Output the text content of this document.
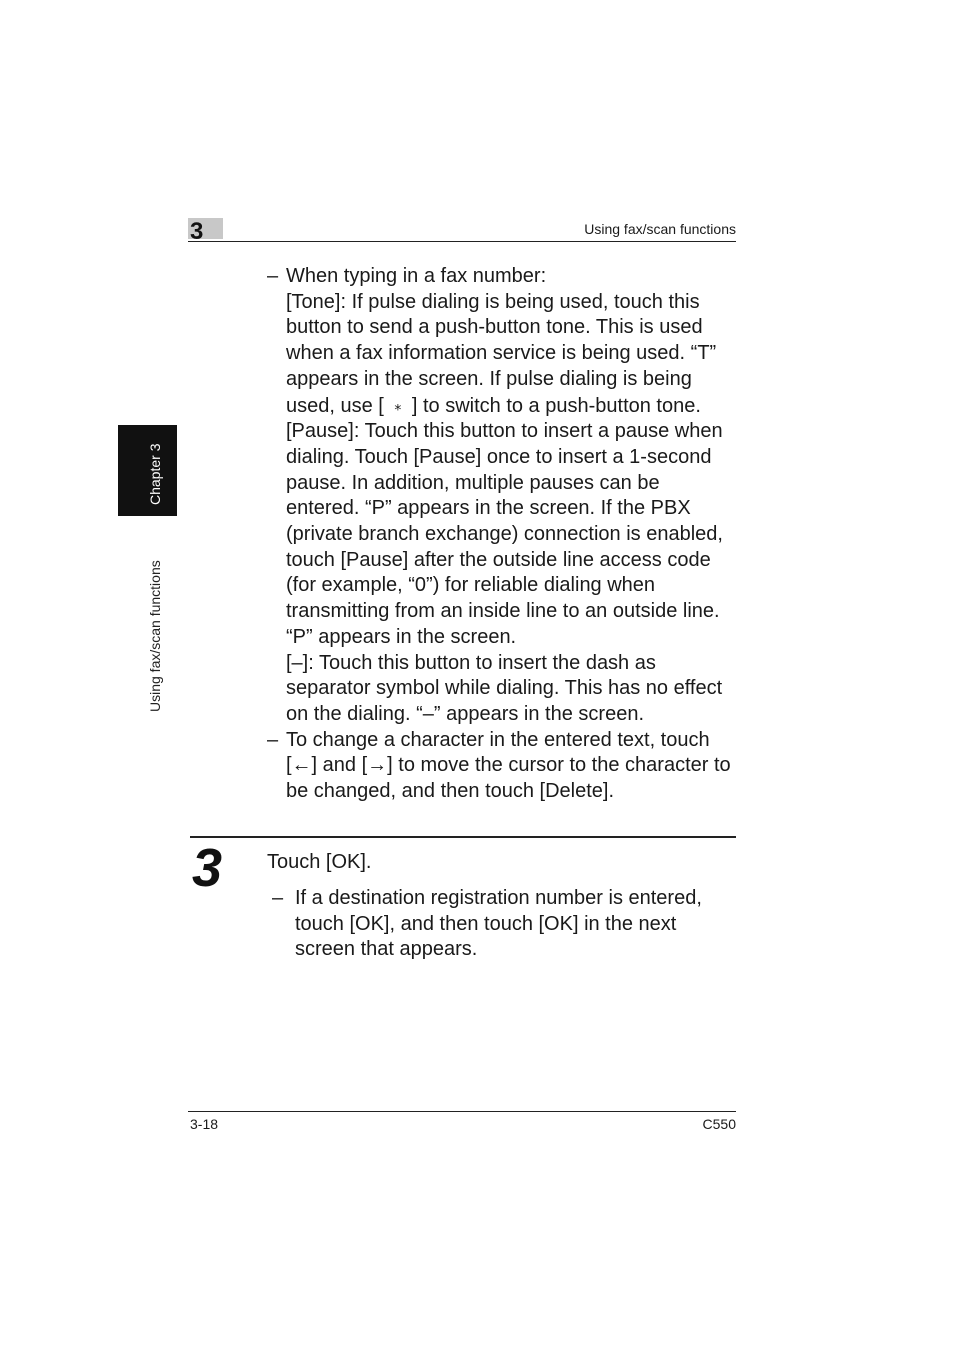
3	Using fax/scan functions
Chapter 3
Using fax/scan functions
– When typing in a fax number:
[Tone]: If pulse dialing is being used, touch this button to send a push-button tone. This is used when a fax information service is being used. “T” appears in the screen. If pulse dialing is being used, use [ ⁎ ] to switch to a push-button tone.
[Pause]: Touch this button to insert a pause when dialing. Touch [Pause] once to insert a 1-second pause. In addition, multiple pauses can be entered. “P” appears in the screen. If the PBX (private branch exchange) connection is enabled, touch [Pause] after the outside line access code (for example, “0”) for reliable dialing when transmitting from an inside line to an outside line. “P” appears in the screen.
[–]: Touch this button to insert the dash as separator symbol while dialing. This has no effect on the dialing. “–” appears in the screen.
– To change a character in the entered text, touch [←] and [→] to move the cursor to the character to be changed, and then touch [Delete].
3 Touch [OK].
– If a destination registration number is entered, touch [OK], and then touch [OK] in the next screen that appears.
3-18	C550
